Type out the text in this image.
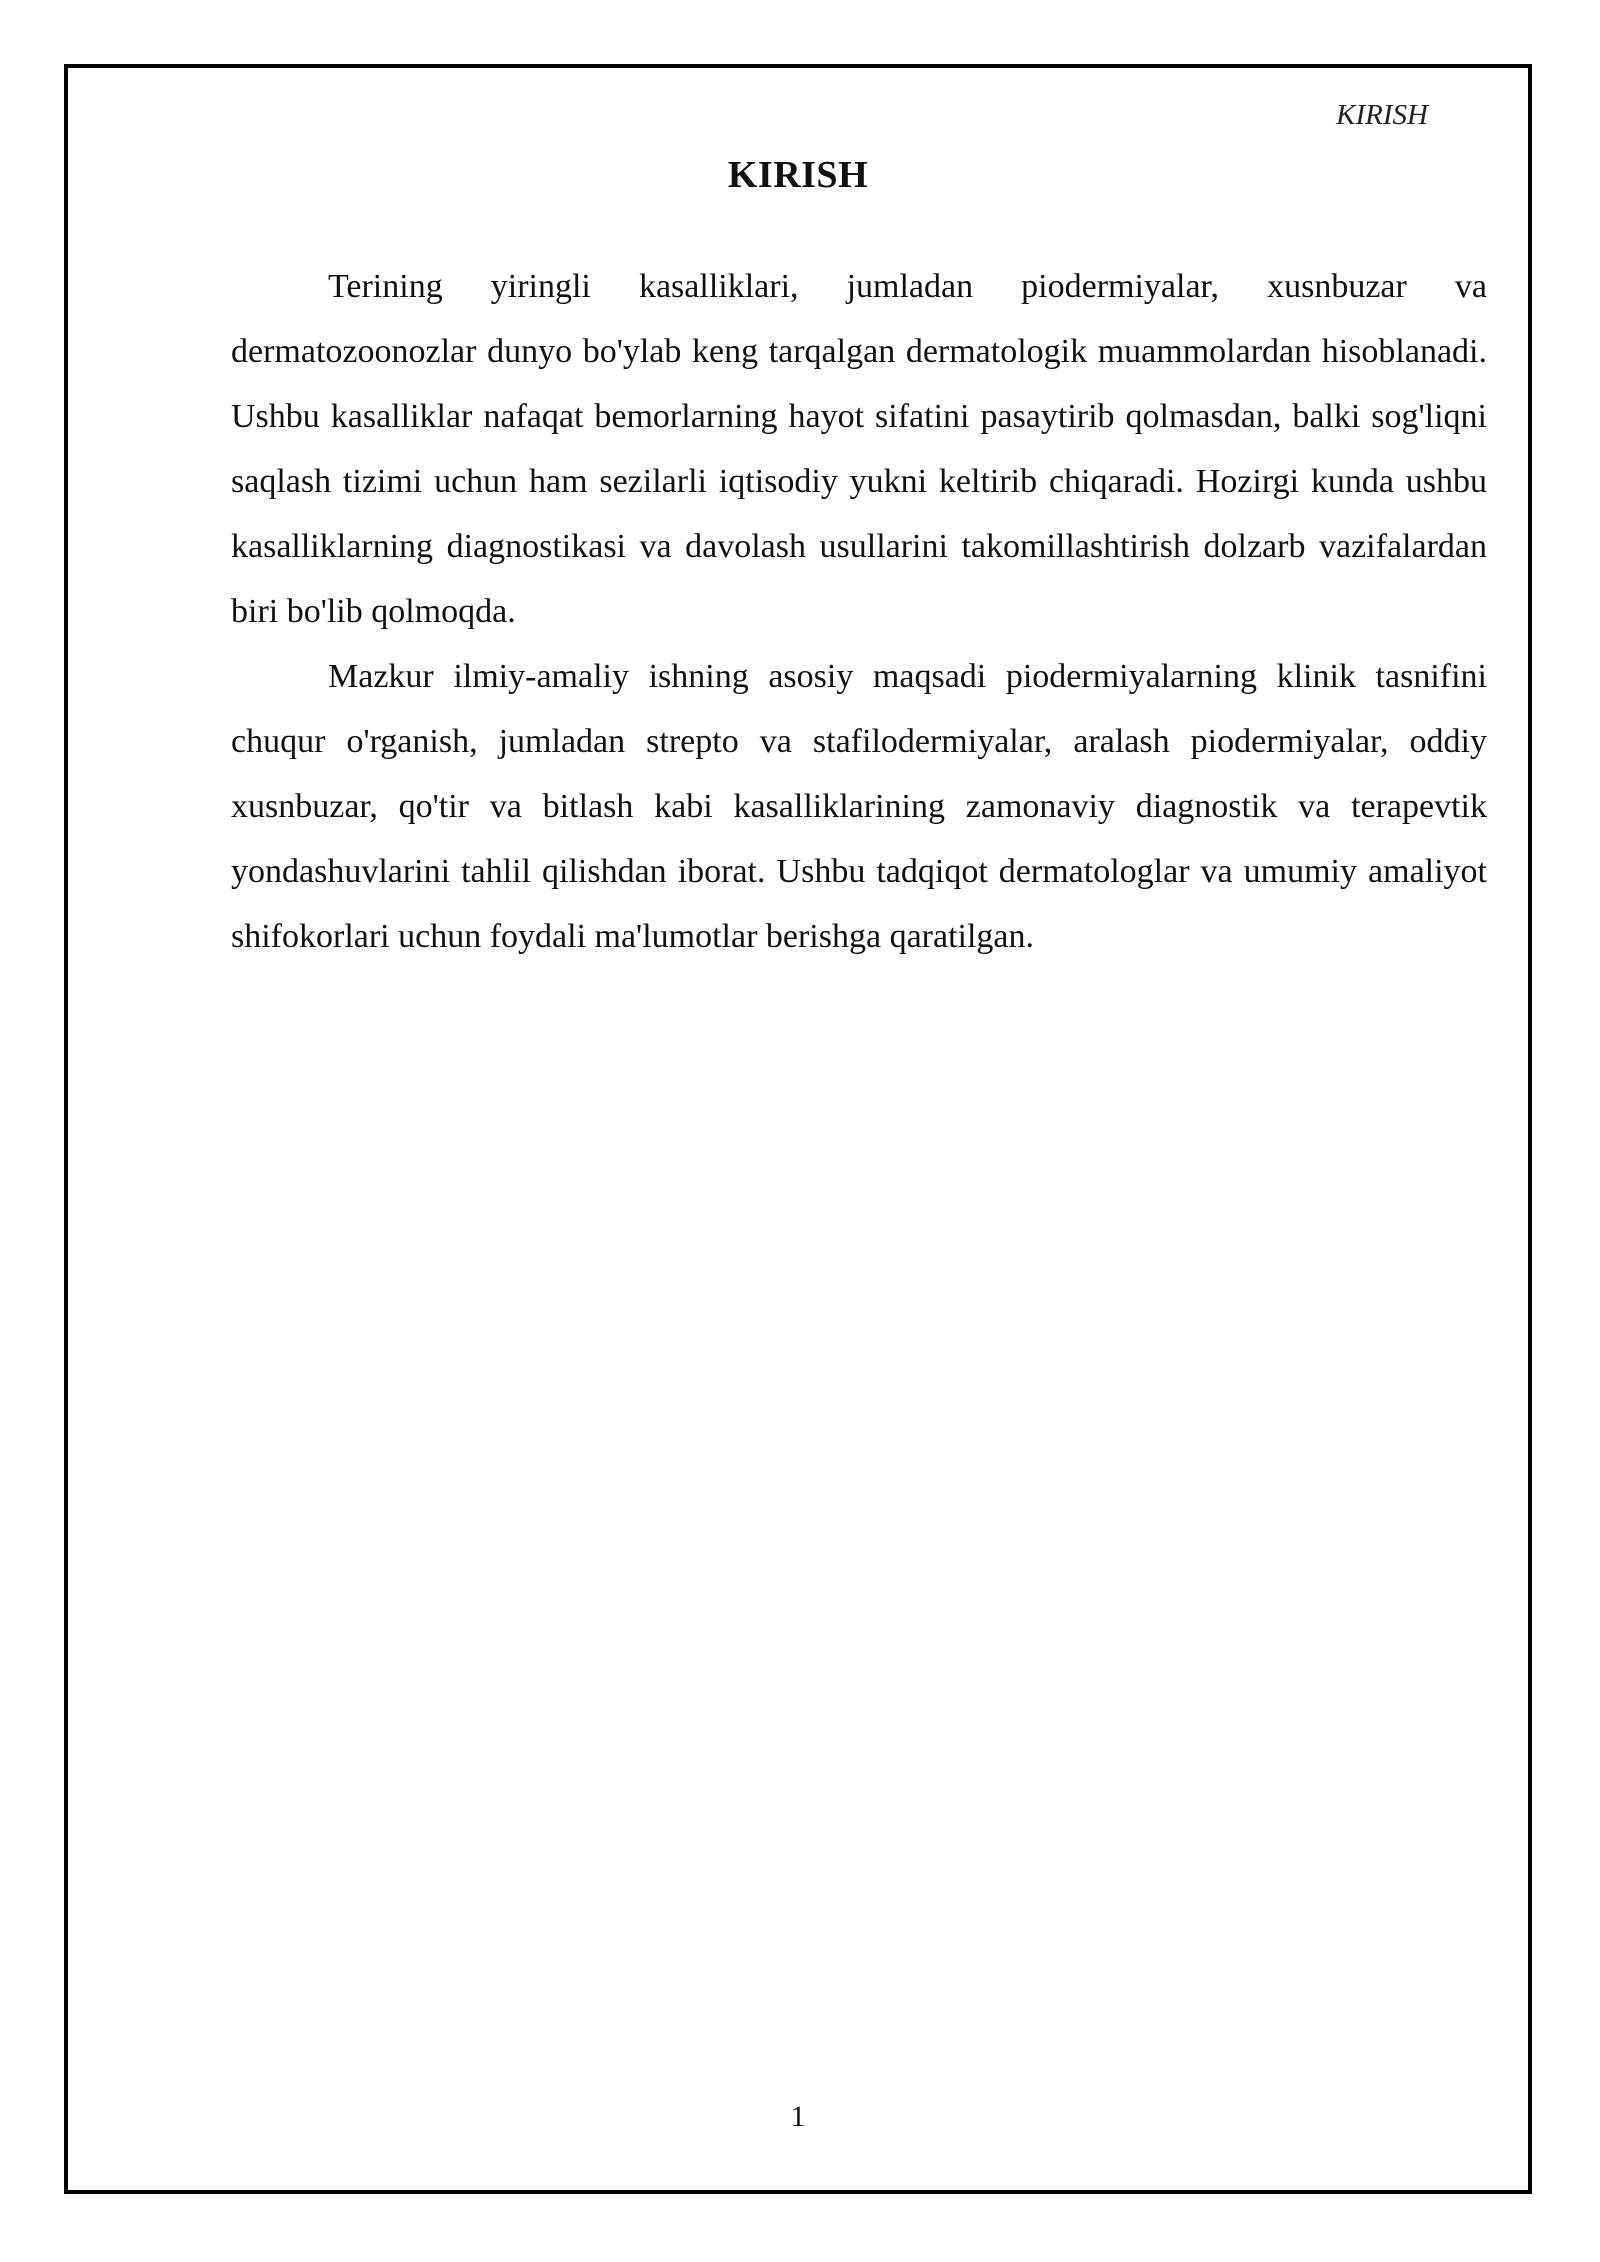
KIRISH
KIRISH

Terining yiringli kasalliklari, jumladan piodermiyalar, xusnbuzar va dermatozoonozlar dunyo bo'ylab keng tarqalgan dermatologik muammolardan hisoblanadi. Ushbu kasalliklar nafaqat bemorlarning hayot sifatini pasaytirib qolmasdan, balki sog'liqni saqlash tizimi uchun ham sezilarli iqtisodiy yukni keltirib chiqaradi. Hozirgi kunda ushbu kasalliklarning diagnostikasi va davolash usullarini takomillashtirish dolzarb vazifalardan biri bo'lib qolmoqda.

Mazkur ilmiy-amaliy ishning asosiy maqsadi piodermiyalarning klinik tasnifini chuqur o'rganish, jumladan strepto va stafilodermiyalar, aralash piodermiyalar, oddiy xusnbuzar, qo'tir va bitlash kabi kasalliklarining zamonaviy diagnostik va terapevtik yondashuvlarini tahlil qilishdan iborat. Ushbu tadqiqot dermatologlar va umumiy amaliyot shifokorlari uchun foydali ma'lumotlar berishga qaratilgan.

1
